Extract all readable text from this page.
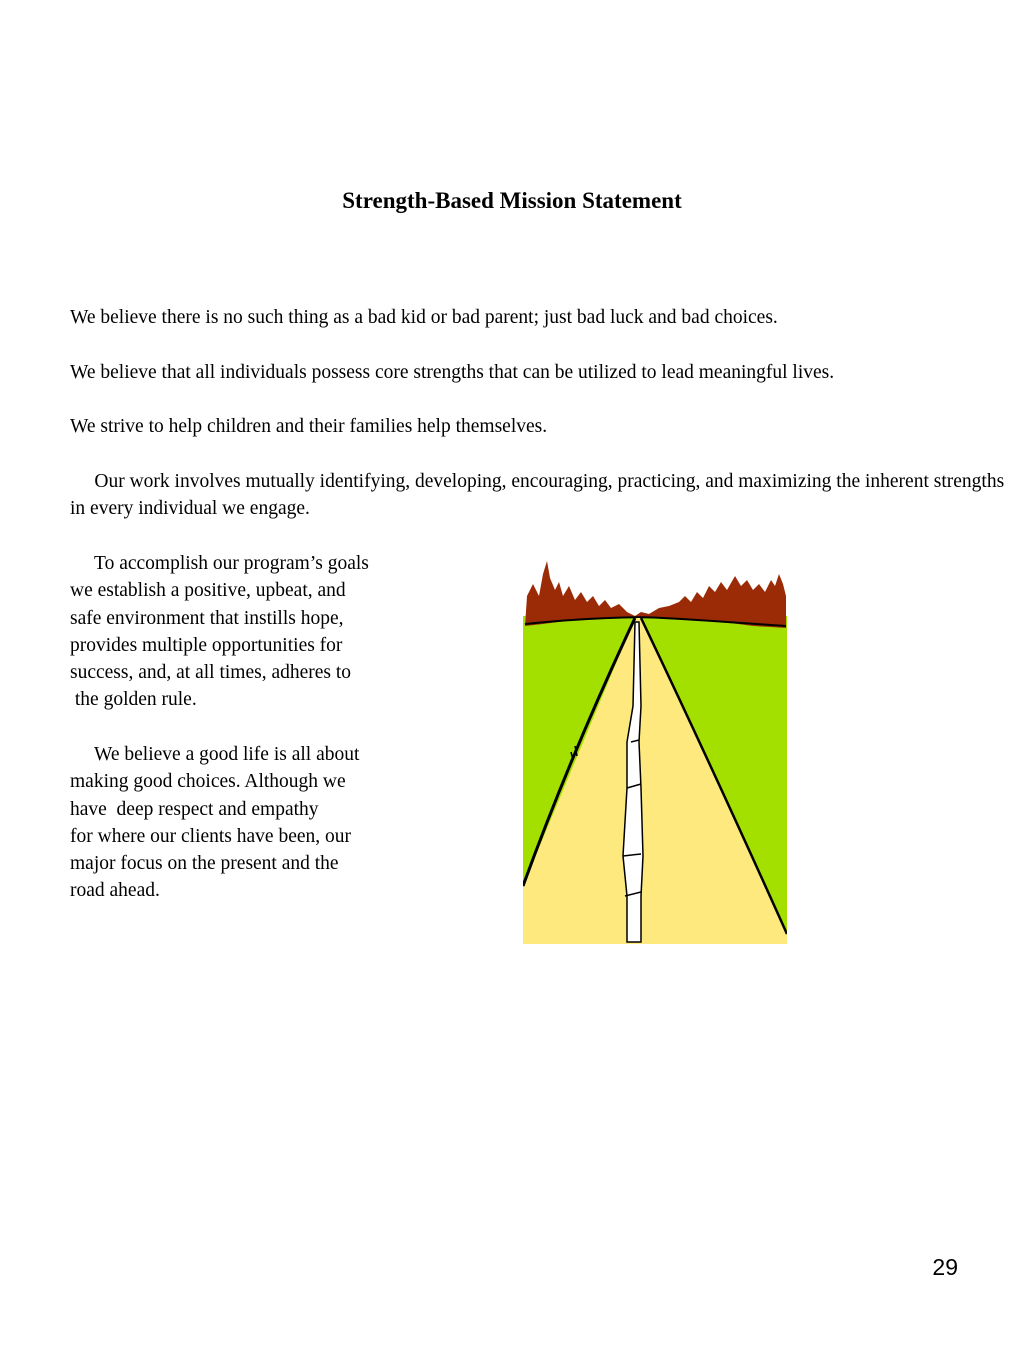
Strength-Based Mission Statement

We believe there is no such thing as a bad kid or bad parent; just bad luck and bad choices.

We believe that all individuals possess core strengths that can be utilized to lead meaningful lives.

We strive to help children and their families help themselves.

Our work involves mutually identifying, developing, encouraging, practicing, and maximizing the inherent strengths in every individual we engage.

To accomplish our program’s goals
we establish a positive, upbeat, and
safe environment that instills hope,
provides multiple opportunities for
success, and, at all times, adheres to
the golden rule.

We believe a good life is all about
making good choices. Although we
have  deep respect and empathy
for where our clients have been, our
major focus on the present and the
road ahead.

29
